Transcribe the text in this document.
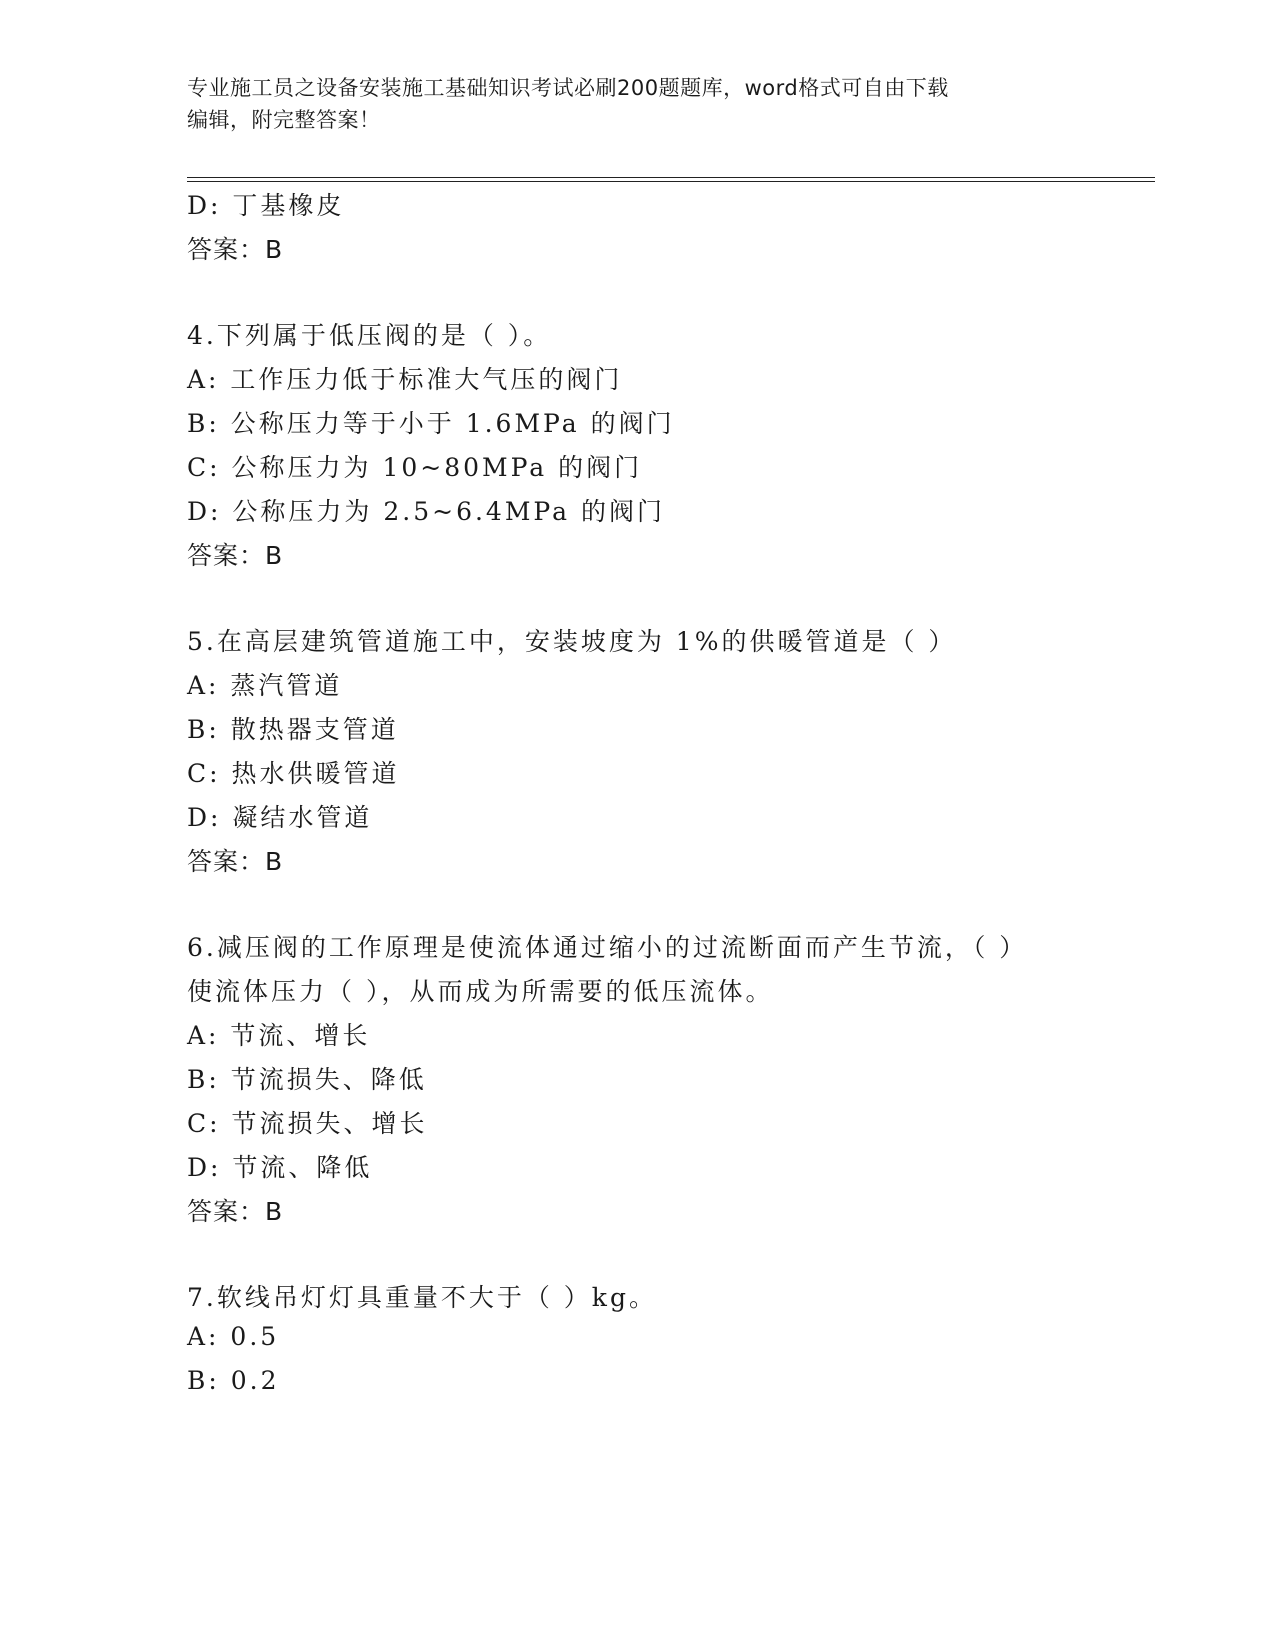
专业施工员之设备安装施工基础知识考试必刷200题题库，word格式可自由下载
编辑，附完整答案！
D: 丁基橡皮
答案：B
4.下列属于低压阀的是（ ）。
A: 工作压力低于标准大气压的阀门
B: 公称压力等于小于 1.6MPa 的阀门
C: 公称压力为 10~80MPa 的阀门
D: 公称压力为 2.5~6.4MPa 的阀门
答案：B
5.在高层建筑管道施工中，安装坡度为 1%的供暖管道是（ ）
A: 蒸汽管道
B: 散热器支管道
C: 热水供暖管道
D: 凝结水管道
答案：B
6.减压阀的工作原理是使流体通过缩小的过流断面而产生节流，（ ）
使流体压力（ ），从而成为所需要的低压流体。
A: 节流、增长
B: 节流损失、降低
C: 节流损失、增长
D: 节流、降低
答案：B
7.软线吊灯灯具重量不大于（ ）kg。
A: 0.5
B: 0.2
